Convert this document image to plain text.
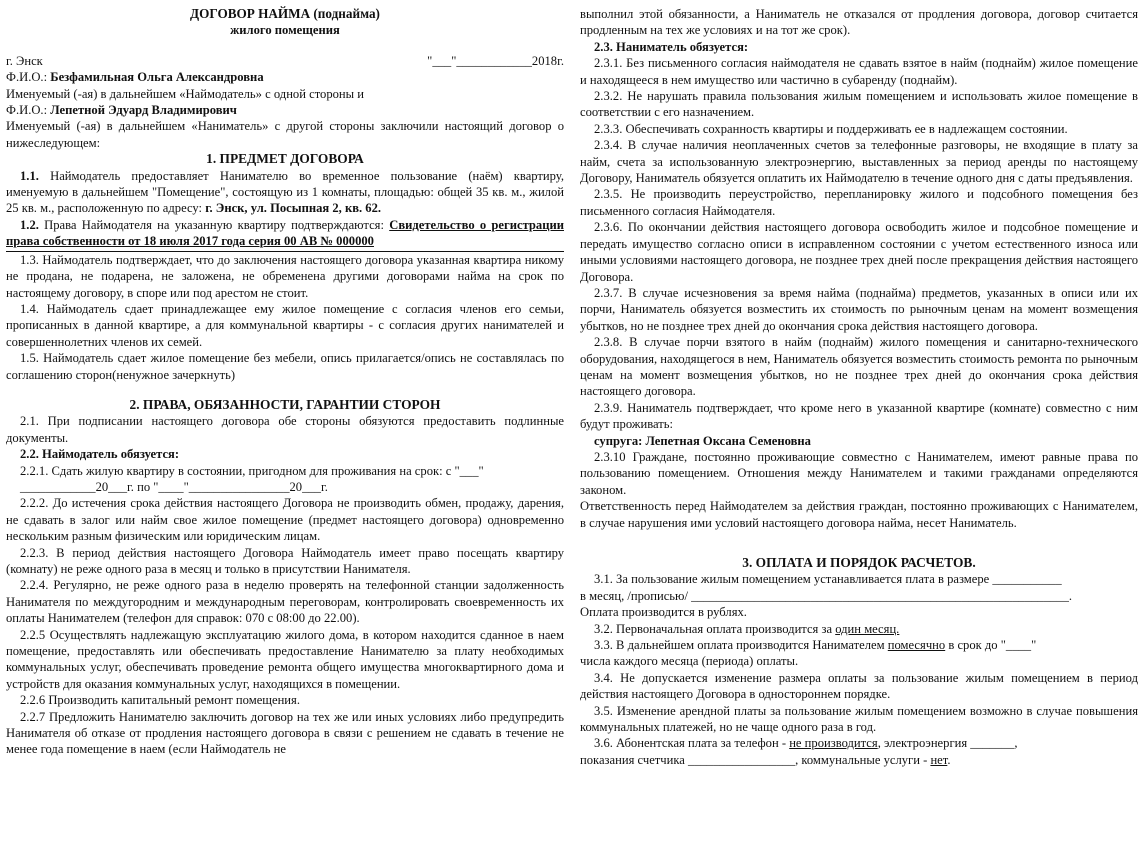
ДОГОВОР НАЙМА (поднайма)

жилого помещения

г. Энск	"___"____________2018г.

Ф.И.О.: Безфамильная Ольга Александровна

Именуемый (-ая) в дальнейшем «Наймодатель» с одной стороны и

Ф.И.О.: Лепетной Эдуард Владимирович

Именуемый (-ая) в дальнейшем «Наниматель» с другой стороны заключили настоящий договор о нижеследующем:

1. ПРЕДМЕТ ДОГОВОРА

1.1. Наймодатель предоставляет Нанимателю во временное пользование (наём) квартиру, именуемую в дальнейшем "Помещение", состоящую из 1 комнаты, площадью: общей 35 кв. м., жилой 25 кв. м., расположенную по адресу: г. Энск, ул. Посыпная 2, кв. 62.

1.2. Права Наймодателя на указанную квартиру подтверждаются: Свидетельство о регистрации права собственности от 18 июля 2017 года серия 00 АВ № 000000

1.3. Наймодатель подтверждает, что до заключения настоящего договора указанная квартира никому не продана, не подарена, не заложена, не обременена другими договорами найма на срок по настоящему договору, в споре или под арестом не стоит.

1.4. Наймодатель сдает принадлежащее ему жилое помещение с согласия членов его семьи, прописанных в данной квартире, а для коммунальной квартиры - с согласия других нанимателей и совершеннолетних членов их семей.

1.5. Наймодатель сдает жилое помещение без мебели, опись прилагается/опись не составлялась по соглашению сторон(ненужное зачеркнуть)

2. ПРАВА, ОБЯЗАННОСТИ, ГАРАНТИИ СТОРОН

2.1. При подписании настоящего договора обе стороны обязуются предоставить подлинные документы.

2.2. Наймодатель обязуется:

2.2.1. Сдать жилую квартиру в состоянии, пригодном для проживания на срок: с "___"

____________20___г. по "____"________________20___г.

2.2.2. До истечения срока действия настоящего Договора не производить обмен, продажу, дарения, не сдавать в залог или найм свое жилое помещение (предмет настоящего договора) одновременно нескольким разным физическим или юридическим лицам.

2.2.3. В период действия настоящего Договора Наймодатель имеет право посещать квартиру (комнату) не реже одного раза в месяц и только в присутствии Нанимателя.

2.2.4. Регулярно, не реже одного раза в неделю проверять на телефонной станции задолженность Нанимателя по междугородним и международным переговорам, контролировать своевременность их оплаты Нанимателем (телефон для справок: 070 с 08:00 до 22.00).

2.2.5 Осуществлять надлежащую эксплуатацию жилого дома, в котором находится сданное в наем помещение, предоставлять или обеспечивать предоставление Нанимателю за плату необходимых коммунальных услуг, обеспечивать проведение ремонта общего имущества многоквартирного дома и устройств для оказания коммунальных услуг, находящихся в помещении.

2.2.6 Производить капитальный ремонт помещения.

2.2.7 Предложить Нанимателю заключить договор на тех же или иных условиях либо предупредить Нанимателя об отказе от продления настоящего договора в связи с решением не сдавать в течение не менее года помещение в наем (если Наймодатель не

выполнил этой обязанности, а Наниматель не отказался от продления договора, договор считается продленным на тех же условиях и на тот же срок).

2.3. Наниматель обязуется:

2.3.1. Без письменного согласия наймодателя не сдавать взятое в найм (поднайм) жилое помещение и находящееся в нем имущество или частично в субаренду (поднайм).

2.3.2. Не нарушать правила пользования жилым помещением и использовать жилое помещение в соответствии с его назначением.

2.3.3. Обеспечивать сохранность квартиры и поддерживать ее в надлежащем состоянии.

2.3.4. В случае наличия неоплаченных счетов за телефонные разговоры, не входящие в плату за найм, счета за использованную электроэнергию, выставленных за период аренды по настоящему Договору, Наниматель обязуется оплатить их Наймодателю в течение одного дня с даты предъявления.

2.3.5. Не производить переустройство, перепланировку жилого и подсобного помещения без письменного согласия Наймодателя.

2.3.6. По окончании действия настоящего договора освободить жилое и подсобное помещение и передать имущество согласно описи в исправленном состоянии с учетом естественного износа или иными условиями настоящего договора, не позднее трех дней после прекращения действия настоящего Договора.

2.3.7. В случае исчезновения за время найма (поднайма) предметов, указанных в описи или их порчи, Наниматель обязуется возместить их стоимость по рыночным ценам на момент возмещения убытков, но не позднее трех дней до окончания срока действия настоящего договора.

2.3.8. В случае порчи взятого в найм (поднайм) жилого помещения и санитарно-технического оборудования, находящегося в нем, Наниматель обязуется возместить стоимость ремонта по рыночным ценам на момент возмещения убытков, но не позднее трех дней до окончания срока действия настоящего договора.

2.3.9. Наниматель подтверждает, что кроме него в указанной квартире (комнате) совместно с ним будут проживать:

супруга: Лепетная Оксана Семеновна

2.3.10 Граждане, постоянно проживающие совместно с Нанимателем, имеют равные права по пользованию помещением. Отношения между Нанимателем и такими гражданами определяются законом.

Ответственность перед Наймодателем за действия граждан, постоянно проживающих с Нанимателем, в случае нарушения ими условий настоящего договора найма, несет Наниматель.

3. ОПЛАТА И ПОРЯДОК РАСЧЕТОВ.

3.1. За пользование жилым помещением устанавливается плата в размере ___________

в месяц, /прописью/ ____________________________________________________________.

Оплата производится в рублях.

3.2. Первоначальная оплата производится за один месяц.

3.3. В дальнейшем оплата производится Нанимателем помесячно в срок до "____"

числа каждого месяца (периода) оплаты.

3.4. Не допускается изменение размера оплаты за пользование жилым помещением в период действия настоящего Договора в одностороннем порядке.

3.5. Изменение арендной платы за пользование жилым помещением возможно в случае повышения коммунальных платежей, но не чаще одного раза в год.

3.6. Абонентская плата за телефон - не производится, электроэнергия _______,

показания счетчика _________________, коммунальные услуги - нет.
